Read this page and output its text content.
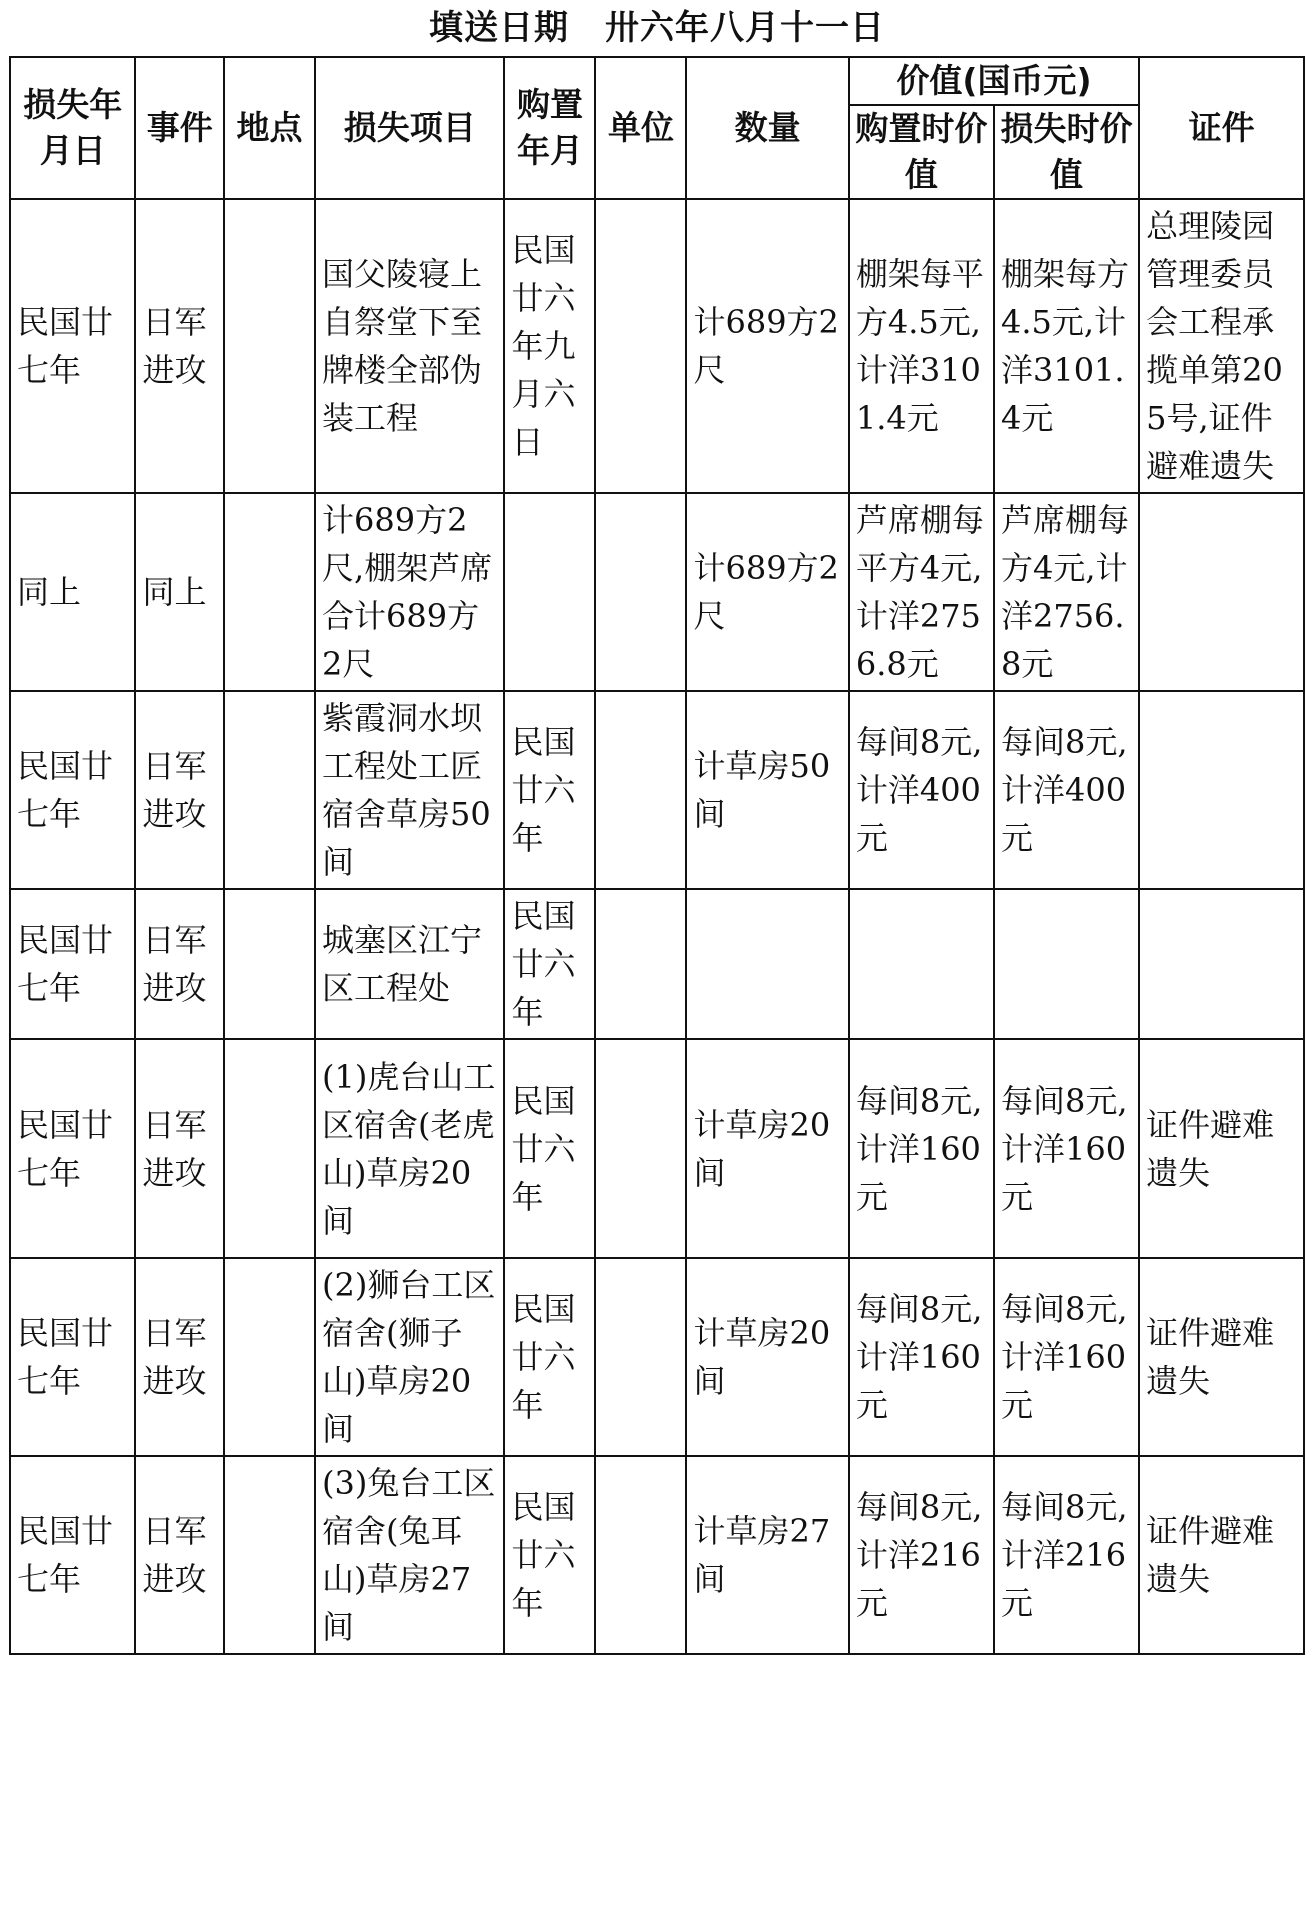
填送日期 卅六年八月十一日
损失年月日	事件	地点	损失项目	购置年月	单位	数量	价值(国币元)		证件
							购置时价值	损失时价值	
民国廿七年	日军进攻		国父陵寝上自祭堂下至牌楼全部伪装工程	民国廿六年九月六日		计689方2尺	棚架每平方4.5元,计洋3101.4元	棚架每方4.5元,计洋3101.4元	总理陵园管理委员会工程承揽单第205号,证件避难遗失
同上	同上		计689方2尺,棚架芦席合计689方2尺			计689方2尺	芦席棚每平方4元,计洋2756.8元	芦席棚每方4元,计洋2756.8元	
民国廿七年	日军进攻		紫霞洞水坝工程处工匠宿舍草房50间	民国廿六年		计草房50间	每间8元,计洋400元	每间8元,计洋400元	
民国廿七年	日军进攻		城塞区江宁区工程处	民国廿六年					
民国廿七年	日军进攻		(1)虎台山工区宿舍(老虎山)草房20间	民国廿六年		计草房20间	每间8元,计洋160元	每间8元,计洋160元	证件避难遗失
民国廿七年	日军进攻		(2)狮台工区宿舍(狮子山)草房20间	民国廿六年		计草房20间	每间8元,计洋160元	每间8元,计洋160元	证件避难遗失
民国廿七年	日军进攻		(3)兔台工区宿舍(兔耳山)草房27间	民国廿六年		计草房27间	每间8元,计洋216元	每间8元,计洋216元	证件避难遗失
